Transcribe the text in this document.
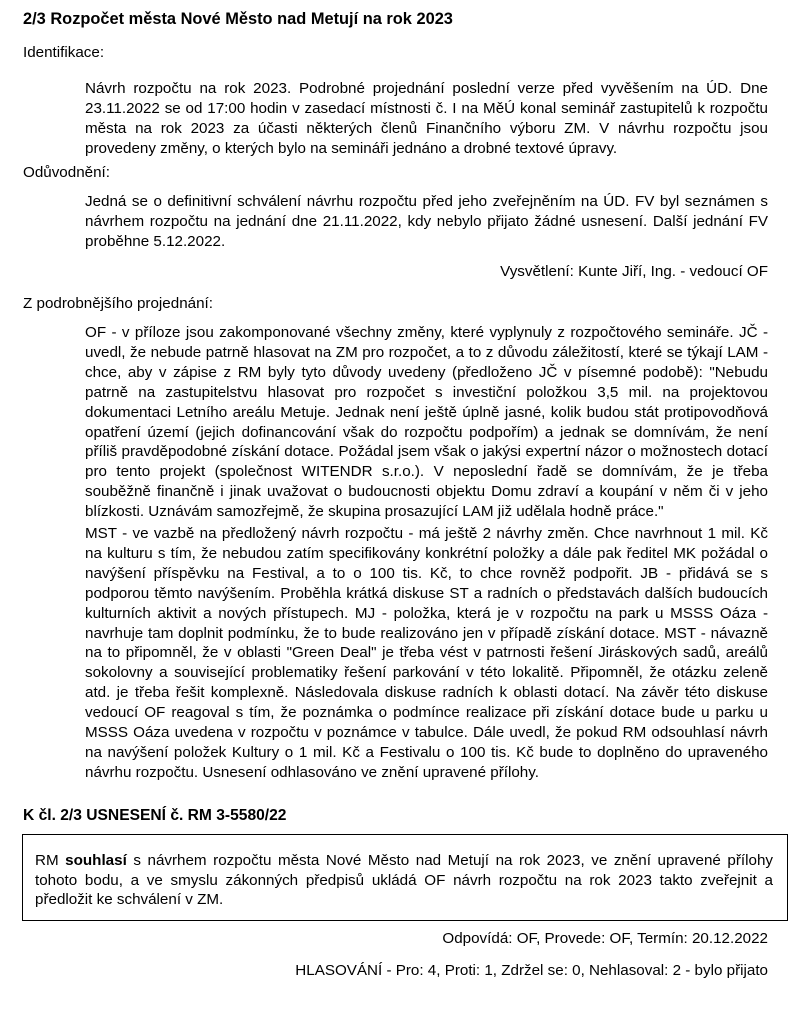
2/3 Rozpočet města Nové Město nad Metují na rok 2023
Identifikace:
Návrh rozpočtu na rok 2023. Podrobné projednání poslední verze před vyvěšením na ÚD. Dne 23.11.2022 se od 17:00 hodin v zasedací místnosti č. I na MěÚ konal seminář zastupitelů k rozpočtu města na rok 2023 za účasti některých členů Finančního výboru ZM. V návrhu rozpočtu jsou provedeny změny, o kterých bylo na semináři jednáno a drobné textové úpravy.
Odůvodnění:
Jedná se o definitivní schválení návrhu rozpočtu před jeho zveřejněním na ÚD. FV byl seznámen s návrhem rozpočtu na jednání dne 21.11.2022, kdy nebylo přijato žádné usnesení. Další jednání FV proběhne 5.12.2022.
Vysvětlení: Kunte Jiří, Ing. - vedoucí OF
Z podrobnějšího projednání:
OF - v příloze jsou zakomponované všechny změny, které vyplynuly z rozpočtového semináře. JČ - uvedl, že nebude patrně hlasovat na ZM pro rozpočet, a to z důvodu záležitostí, které se týkají LAM - chce, aby v zápise z RM byly tyto důvody uvedeny (předloženo JČ v písemné podobě): "Nebudu patrně na zastupitelstvu hlasovat pro rozpočet s investiční položkou 3,5 mil. na projektovou dokumentaci Letního areálu Metuje. Jednak není ještě úplně jasné, kolik budou stát protipovodňová opatření území (jejich dofinancování však do rozpočtu podpořím) a jednak se domnívám, že není příliš pravděpodobné získání dotace. Požádal jsem však o jakýsi expertní názor o možnostech dotací pro tento projekt (společnost WITENDR s.r.o.). V neposlední řadě se domnívám, že je třeba souběžně finančně i jinak uvažovat o budoucnosti objektu Domu zdraví a koupání v něm či v jeho blízkosti. Uznávám samozřejmě, že skupina prosazující LAM již udělala hodně práce."
MST - ve vazbě na předložený návrh rozpočtu - má ještě 2 návrhy změn. Chce navrhnout 1 mil. Kč na kulturu s tím, že nebudou zatím specifikovány konkrétní položky a dále pak ředitel MK požádal o navýšení příspěvku na Festival, a to o 100 tis. Kč, to chce rovněž podpořit. JB - přidává se s podporou těmto navýšením. Proběhla krátká diskuse ST a radních o představách dalších budoucích kulturních aktivit a nových přístupech. MJ - položka, která je v rozpočtu na park u MSSS Oáza - navrhuje tam doplnit podmínku, že to bude realizováno jen v případě získání dotace. MST - návazně na to připomněl, že v oblasti "Green Deal" je třeba vést v patrnosti řešení Jiráskových sadů, areálů sokolovny a související problematiky řešení parkování v této lokalitě. Připomněl, že otázku zeleně atd. je třeba řešit komplexně. Následovala diskuse radních k oblasti dotací. Na závěr této diskuse vedoucí OF reagoval s tím, že poznámka o podmínce realizace při získání dotace bude u parku u MSSS Oáza uvedena v rozpočtu v poznámce v tabulce. Dále uvedl, že pokud RM odsouhlasí návrh na navýšení položek Kultury o 1 mil. Kč a Festivalu o 100 tis. Kč bude to doplněno do upraveného návrhu rozpočtu. Usnesení odhlasováno ve znění upravené přílohy.
K čl. 2/3 USNESENÍ č. RM 3-5580/22
RM souhlasí s návrhem rozpočtu města Nové Město nad Metují na rok 2023, ve znění upravené přílohy tohoto bodu, a ve smyslu zákonných předpisů ukládá OF návrh rozpočtu na rok 2023 takto zveřejnit a předložit ke schválení v ZM.
Odpovídá: OF, Provede: OF, Termín: 20.12.2022
HLASOVÁNÍ - Pro: 4, Proti: 1, Zdržel se: 0, Nehlasoval: 2 - bylo přijato
